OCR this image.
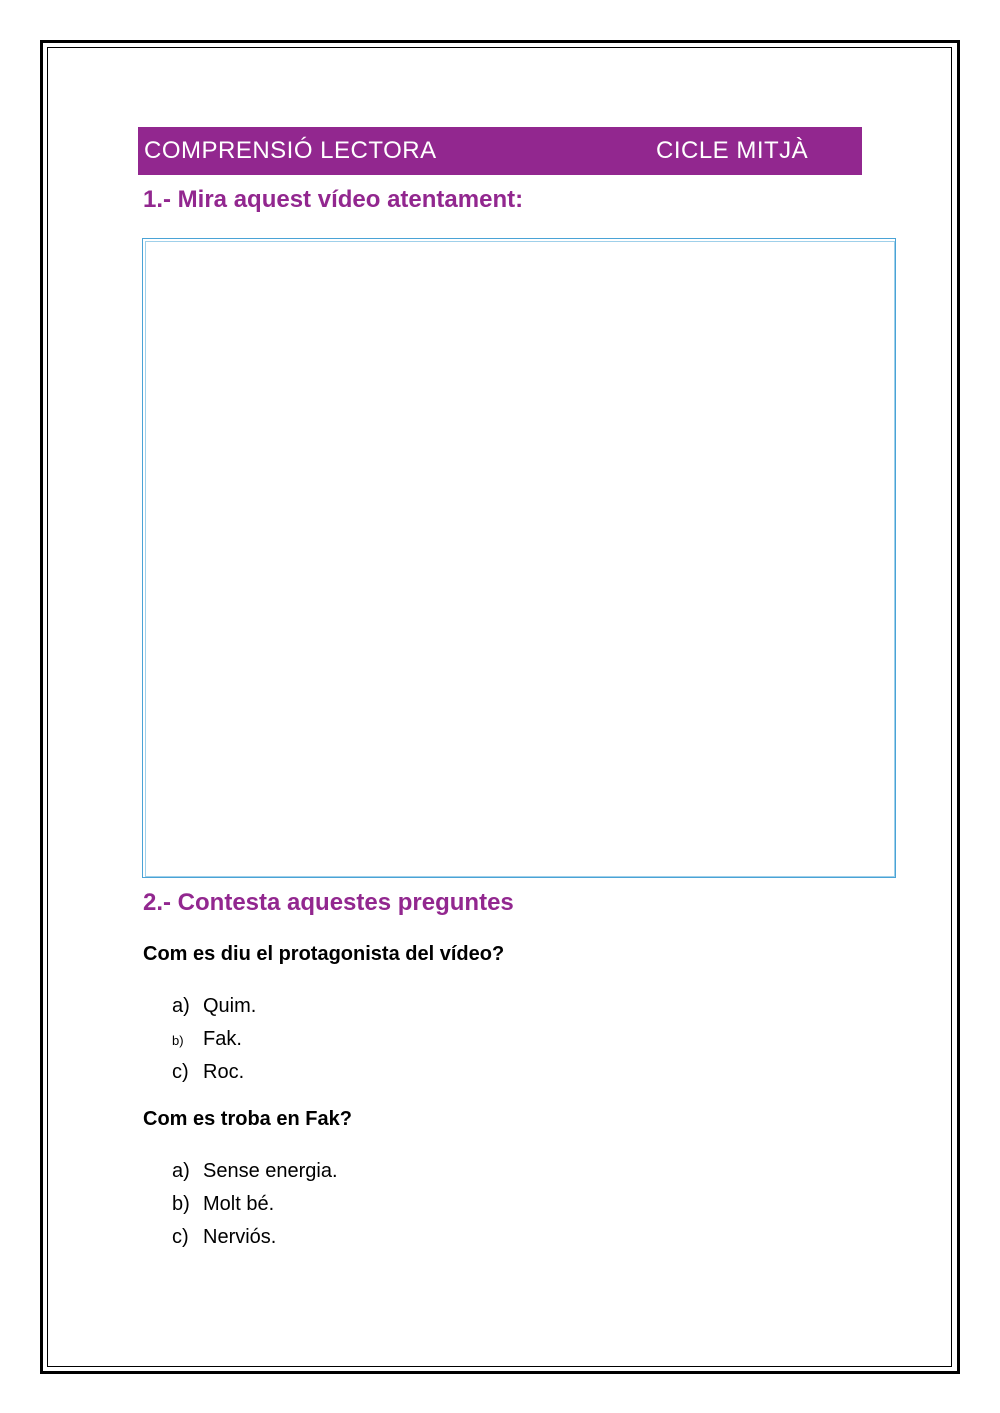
COMPRENSIÓ LECTORA	CICLE MITJÀ
1.- Mira aquest vídeo atentament:
2.- Contesta aquestes preguntes
Com es diu el protagonista del vídeo?
a) Quim.
b) Fak.
c) Roc.
Com es troba en Fak?
a) Sense energia.
b) Molt bé.
c) Nerviós.
